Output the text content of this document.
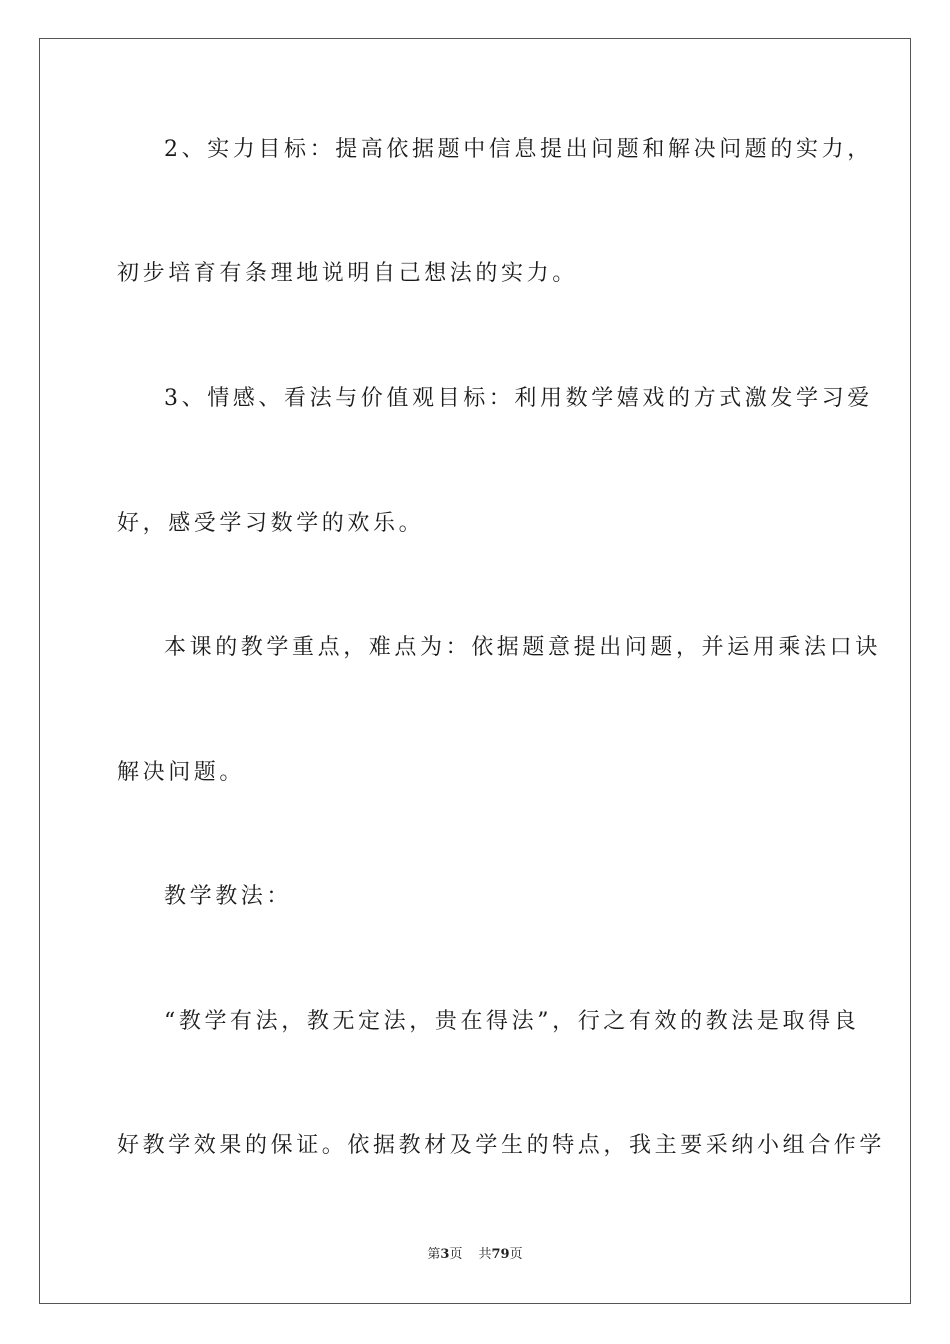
2、实力目标：提高依据题中信息提出问题和解决问题的实力，
初步培育有条理地说明自己想法的实力。
3、情感、看法与价值观目标：利用数学嬉戏的方式激发学习爱
好，感受学习数学的欢乐。
本课的教学重点，难点为：依据题意提出问题，并运用乘法口诀
解决问题。
教学教法：
“教学有法，教无定法，贵在得法”，行之有效的教法是取得良
好教学效果的保证。依据教材及学生的特点，我主要采纳小组合作学
第3页 共79页
